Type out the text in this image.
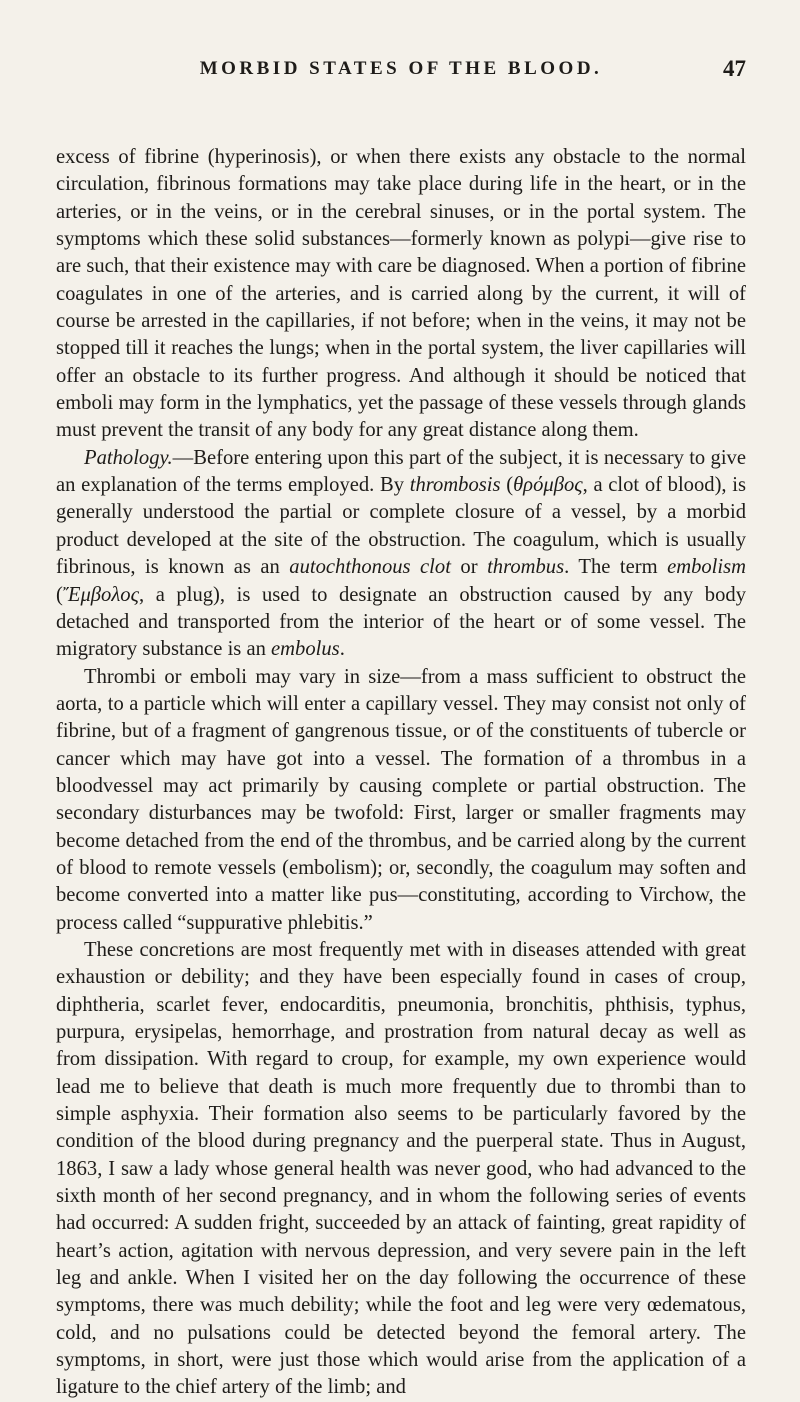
MORBID STATES OF THE BLOOD.	47

excess of fibrine (hyperinosis), or when there exists any obstacle to the normal circulation, fibrinous formations may take place during life in the heart, or in the arteries, or in the veins, or in the cerebral sinuses, or in the portal system. The symptoms which these solid substances—formerly known as polypi—give rise to are such, that their existence may with care be diagnosed. When a portion of fibrine coagulates in one of the arteries, and is carried along by the current, it will of course be arrested in the capillaries, if not before; when in the veins, it may not be stopped till it reaches the lungs; when in the portal system, the liver capillaries will offer an obstacle to its further progress. And although it should be noticed that emboli may form in the lymphatics, yet the passage of these vessels through glands must prevent the transit of any body for any great distance along them.

Pathology.—Before entering upon this part of the subject, it is necessary to give an explanation of the terms employed. By thrombosis (θρόμβος, a clot of blood), is generally understood the partial or complete closure of a vessel, by a morbid product developed at the site of the obstruction. The coagulum, which is usually fibrinous, is known as an autochthonous clot or thrombus. The term embolism (Ἔμβολος, a plug), is used to designate an obstruction caused by any body detached and transported from the interior of the heart or of some vessel. The migratory substance is an embolus.

Thrombi or emboli may vary in size—from a mass sufficient to obstruct the aorta, to a particle which will enter a capillary vessel. They may consist not only of fibrine, but of a fragment of gangrenous tissue, or of the constituents of tubercle or cancer which may have got into a vessel. The formation of a thrombus in a bloodvessel may act primarily by causing complete or partial obstruction. The secondary disturbances may be twofold: First, larger or smaller fragments may become detached from the end of the thrombus, and be carried along by the current of blood to remote vessels (embolism); or, secondly, the coagulum may soften and become converted into a matter like pus—constituting, according to Virchow, the process called “suppurative phlebitis.”

These concretions are most frequently met with in diseases attended with great exhaustion or debility; and they have been especially found in cases of croup, diphtheria, scarlet fever, endocarditis, pneumonia, bronchitis, phthisis, typhus, purpura, erysipelas, hemorrhage, and prostration from natural decay as well as from dissipation. With regard to croup, for example, my own experience would lead me to believe that death is much more frequently due to thrombi than to simple asphyxia. Their formation also seems to be particularly favored by the condition of the blood during pregnancy and the puerperal state. Thus in August, 1863, I saw a lady whose general health was never good, who had advanced to the sixth month of her second pregnancy, and in whom the following series of events had occurred: A sudden fright, succeeded by an attack of fainting, great rapidity of heart’s action, agitation with nervous depression, and very severe pain in the left leg and ankle. When I visited her on the day following the occurrence of these symptoms, there was much debility; while the foot and leg were very œdematous, cold, and no pulsations could be detected beyond the femoral artery. The symptoms, in short, were just those which would arise from the application of a ligature to the chief artery of the limb; and
